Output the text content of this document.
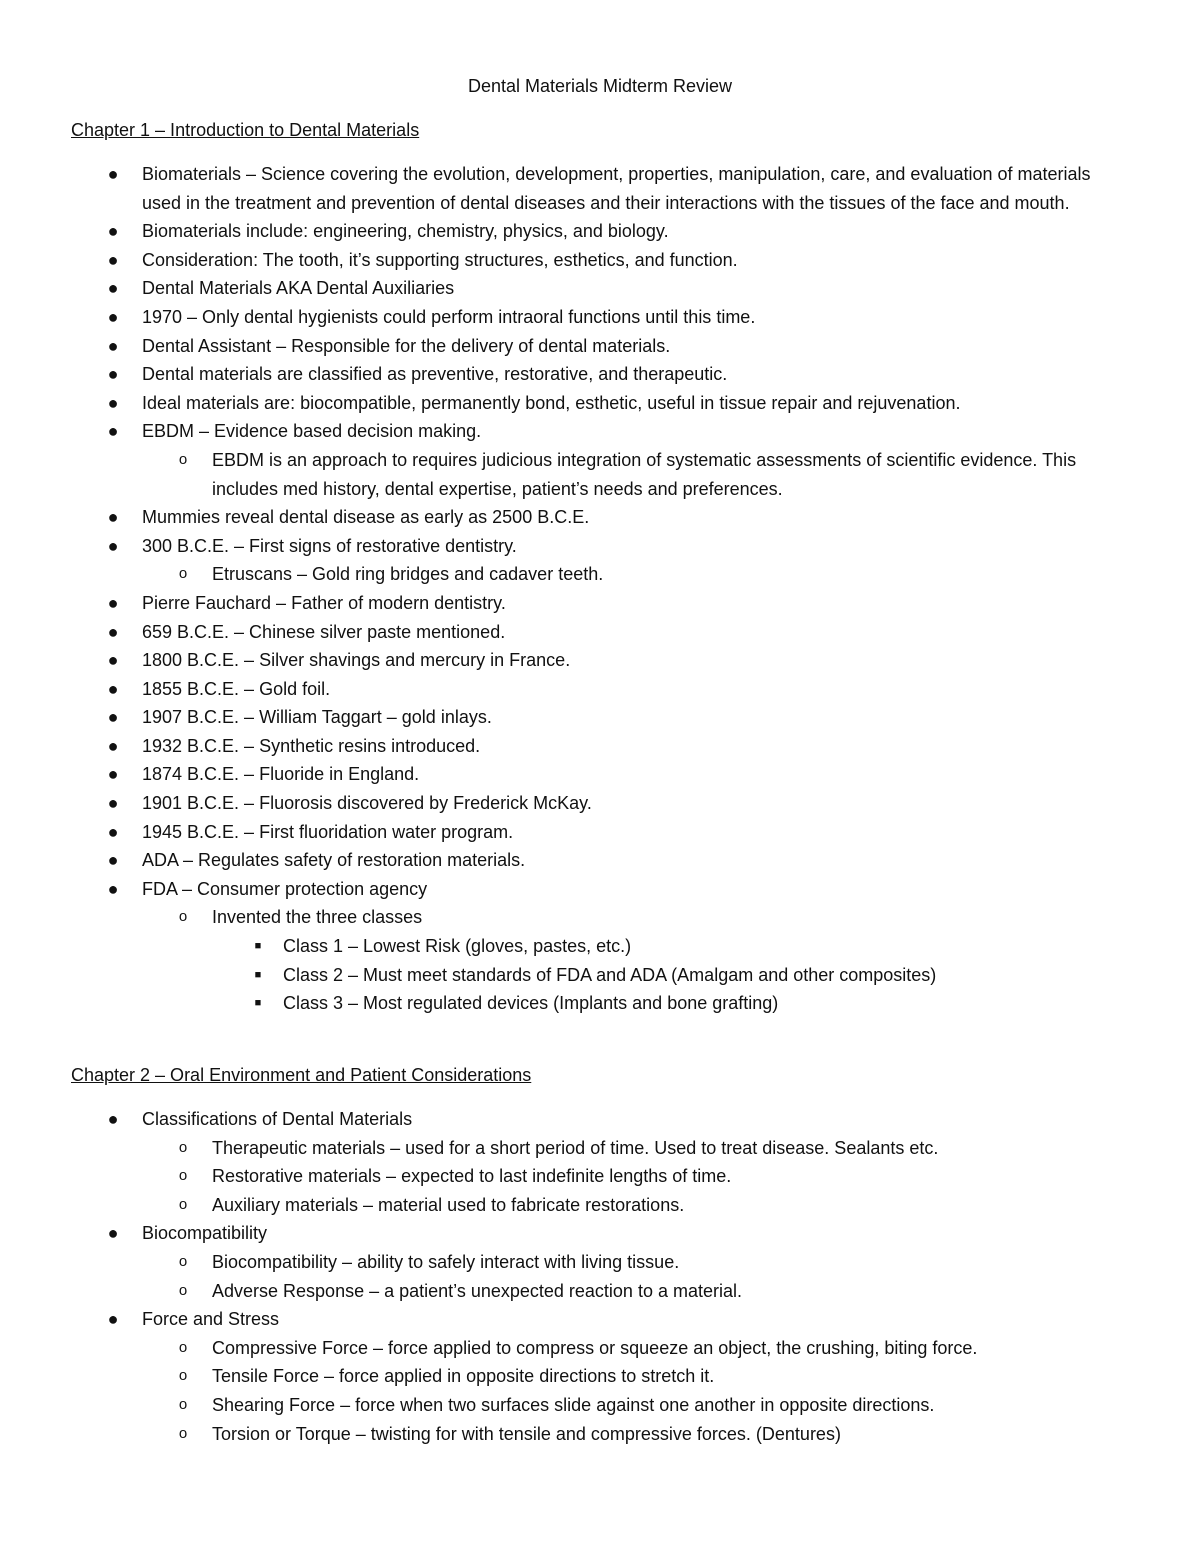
Dental Materials Midterm Review
Chapter 1 – Introduction to Dental Materials
● Biomaterials – Science covering the evolution, development, properties, manipulation, care, and evaluation of materials used in the treatment and prevention of dental diseases and their interactions with the tissues of the face and mouth.
● Biomaterials include: engineering, chemistry, physics, and biology.
● Consideration: The tooth, it’s supporting structures, esthetics, and function.
● Dental Materials AKA Dental Auxiliaries
● 1970 – Only dental hygienists could perform intraoral functions until this time.
● Dental Assistant – Responsible for the delivery of dental materials.
● Dental materials are classified as preventive, restorative, and therapeutic.
● Ideal materials are: biocompatible, permanently bond, esthetic, useful in tissue repair and rejuvenation.
● EBDM – Evidence based decision making.
o EBDM is an approach to requires judicious integration of systematic assessments of scientific evidence. This includes med history, dental expertise, patient’s needs and preferences.
● Mummies reveal dental disease as early as 2500 B.C.E.
● 300 B.C.E. – First signs of restorative dentistry.
o Etruscans – Gold ring bridges and cadaver teeth.
● Pierre Fauchard – Father of modern dentistry.
● 659 B.C.E. – Chinese silver paste mentioned.
● 1800 B.C.E. – Silver shavings and mercury in France.
● 1855 B.C.E. – Gold foil.
● 1907 B.C.E. – William Taggart – gold inlays.
● 1932 B.C.E. – Synthetic resins introduced.
● 1874 B.C.E. – Fluoride in England.
● 1901 B.C.E. – Fluorosis discovered by Frederick McKay.
● 1945 B.C.E. – First fluoridation water program.
● ADA – Regulates safety of restoration materials.
● FDA – Consumer protection agency
o Invented the three classes
■ Class 1 – Lowest Risk (gloves, pastes, etc.)
■ Class 2 – Must meet standards of FDA and ADA (Amalgam and other composites)
■ Class 3 – Most regulated devices (Implants and bone grafting)
Chapter 2 – Oral Environment and Patient Considerations
● Classifications of Dental Materials
o Therapeutic materials – used for a short period of time. Used to treat disease. Sealants etc.
o Restorative materials – expected to last indefinite lengths of time.
o Auxiliary materials – material used to fabricate restorations.
● Biocompatibility
o Biocompatibility – ability to safely interact with living tissue.
o Adverse Response – a patient’s unexpected reaction to a material.
● Force and Stress
o Compressive Force – force applied to compress or squeeze an object, the crushing, biting force.
o Tensile Force – force applied in opposite directions to stretch it.
o Shearing Force – force when two surfaces slide against one another in opposite directions.
o Torsion or Torque – twisting for with tensile and compressive forces. (Dentures)
